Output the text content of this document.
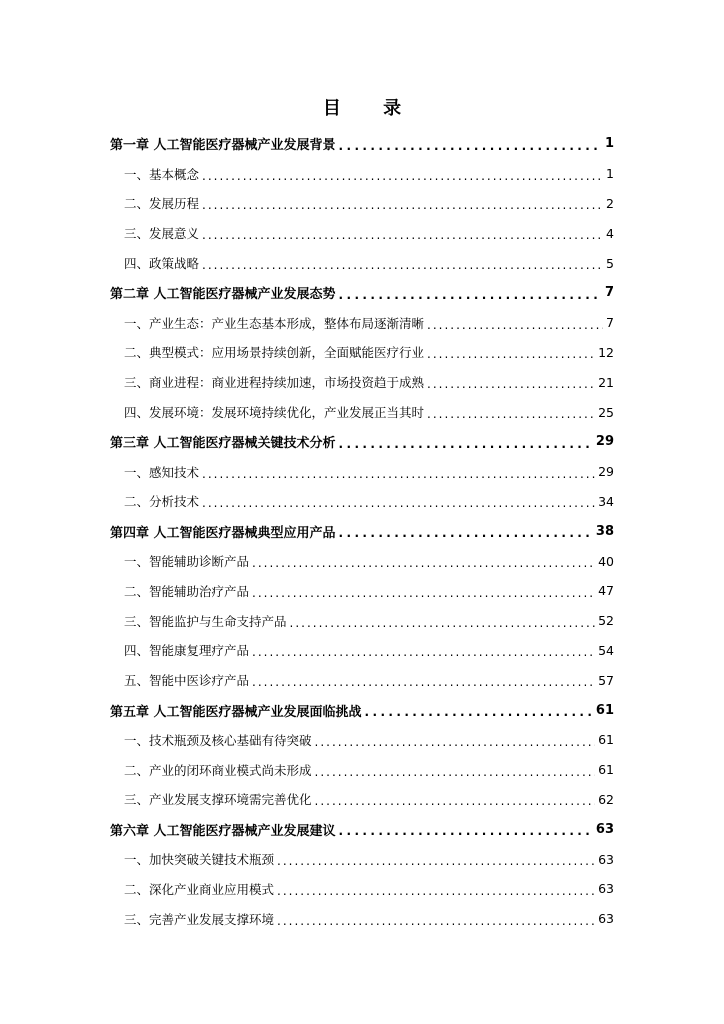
目 录
第一章 人工智能医疗器械产业发展背景 .....	1
一、基本概念 .....	1
二、发展历程 .....	2
三、发展意义 .....	4
四、政策战略 .....	5
第二章 人工智能医疗器械产业发展态势 .....	7
一、产业生态：产业生态基本形成，整体布局逐渐清晰 .....	7
二、典型模式：应用场景持续创新，全面赋能医疗行业 .....	12
三、商业进程：商业进程持续加速，市场投资趋于成熟 .....	21
四、发展环境：发展环境持续优化，产业发展正当其时 .....	25
第三章 人工智能医疗器械关键技术分析 .....	29
一、感知技术 .....	29
二、分析技术 .....	34
第四章 人工智能医疗器械典型应用产品 .....	38
一、智能辅助诊断产品 .....	40
二、智能辅助治疗产品 .....	47
三、智能监护与生命支持产品 .....	52
四、智能康复理疗产品 .....	54
五、智能中医诊疗产品 .....	57
第五章 人工智能医疗器械产业发展面临挑战 .....	61
一、技术瓶颈及核心基础有待突破 .....	61
二、产业的闭环商业模式尚未形成 .....	61
三、产业发展支撑环境需完善优化 .....	62
第六章 人工智能医疗器械产业发展建议 .....	63
一、加快突破关键技术瓶颈 .....	63
二、深化产业商业应用模式 .....	63
三、完善产业发展支撑环境 .....	63
